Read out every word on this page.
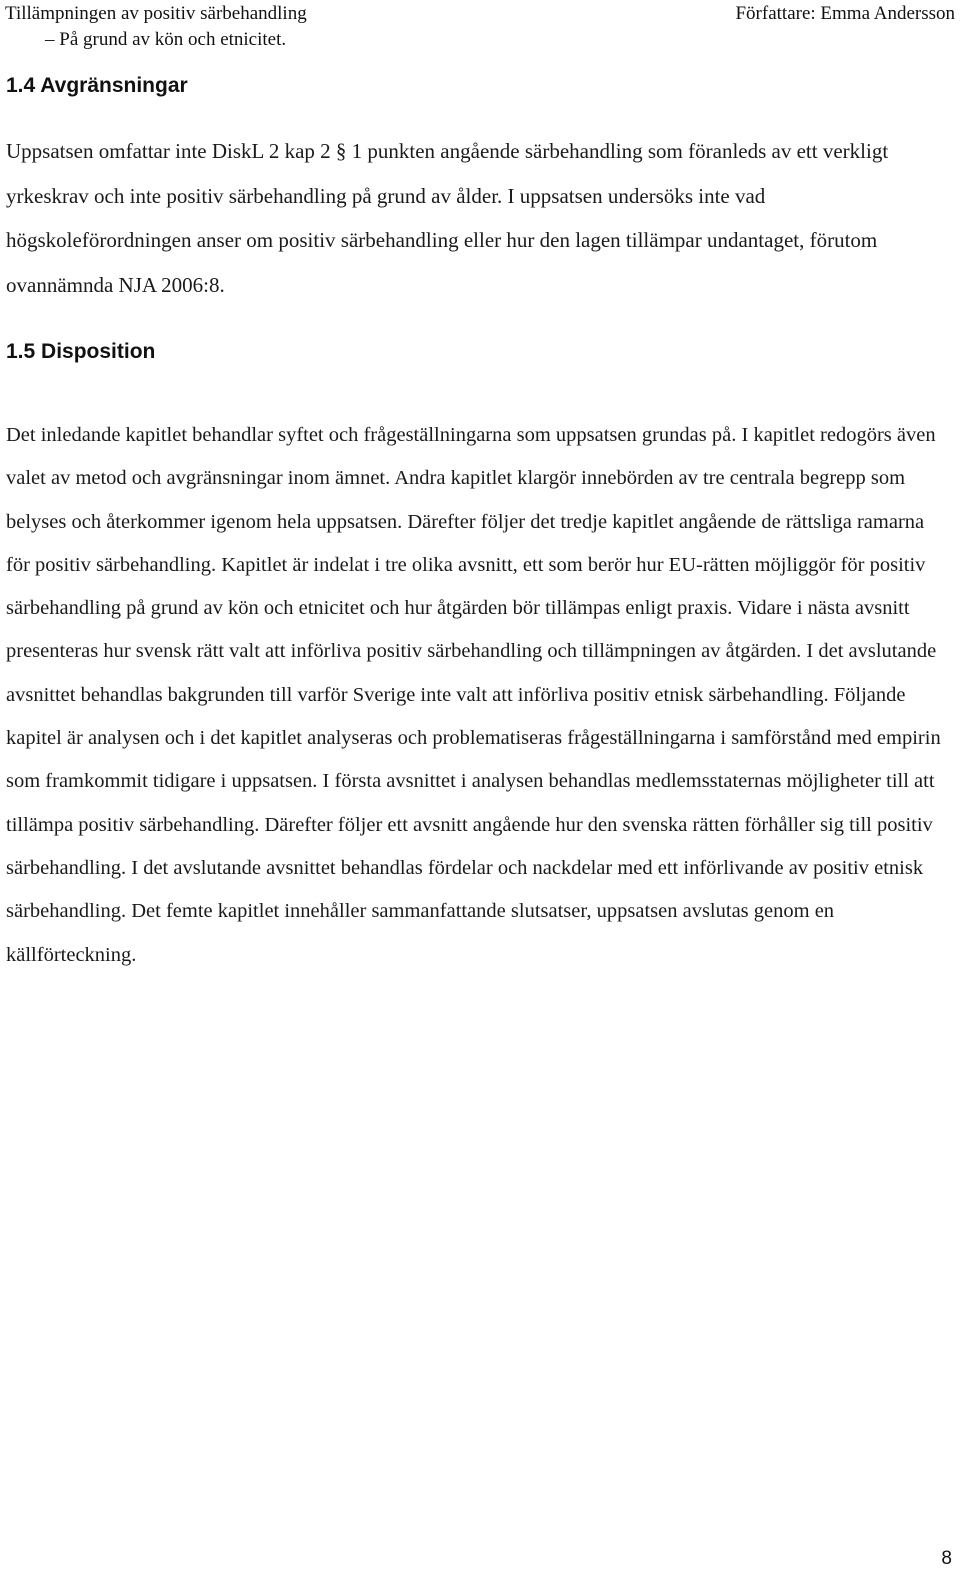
Tillämpningen av positiv särbehandling
– På grund av kön och etnicitet.
Författare: Emma Andersson
1.4 Avgränsningar

Uppsatsen omfattar inte DiskL 2 kap 2 § 1 punkten angående särbehandling som föranleds av ett verkligt yrkeskrav och inte positiv särbehandling på grund av ålder. I uppsatsen undersöks inte vad högskoleförordningen anser om positiv särbehandling eller hur den lagen tillämpar undantaget, förutom ovannämnda NJA 2006:8.

1.5 Disposition

Det inledande kapitlet behandlar syftet och frågeställningarna som uppsatsen grundas på. I kapitlet redogörs även valet av metod och avgränsningar inom ämnet. Andra kapitlet klargör innebörden av tre centrala begrepp som belyses och återkommer igenom hela uppsatsen. Därefter följer det tredje kapitlet angående de rättsliga ramarna för positiv särbehandling. Kapitlet är indelat i tre olika avsnitt, ett som berör hur EU-rätten möjliggör för positiv särbehandling på grund av kön och etnicitet och hur åtgärden bör tillämpas enligt praxis. Vidare i nästa avsnitt presenteras hur svensk rätt valt att införliva positiv särbehandling och tillämpningen av åtgärden. I det avslutande avsnittet behandlas bakgrunden till varför Sverige inte valt att införliva positiv etnisk särbehandling. Följande kapitel är analysen och i det kapitlet analyseras och problematiseras frågeställningarna i samförstånd med empirin som framkommit tidigare i uppsatsen. I första avsnittet i analysen behandlas medlemsstaternas möjligheter till att tillämpa positiv särbehandling. Därefter följer ett avsnitt angående hur den svenska rätten förhåller sig till positiv särbehandling. I det avslutande avsnittet behandlas fördelar och nackdelar med ett införlivande av positiv etnisk särbehandling. Det femte kapitlet innehåller sammanfattande slutsatser, uppsatsen avslutas genom en källförteckning.

8
